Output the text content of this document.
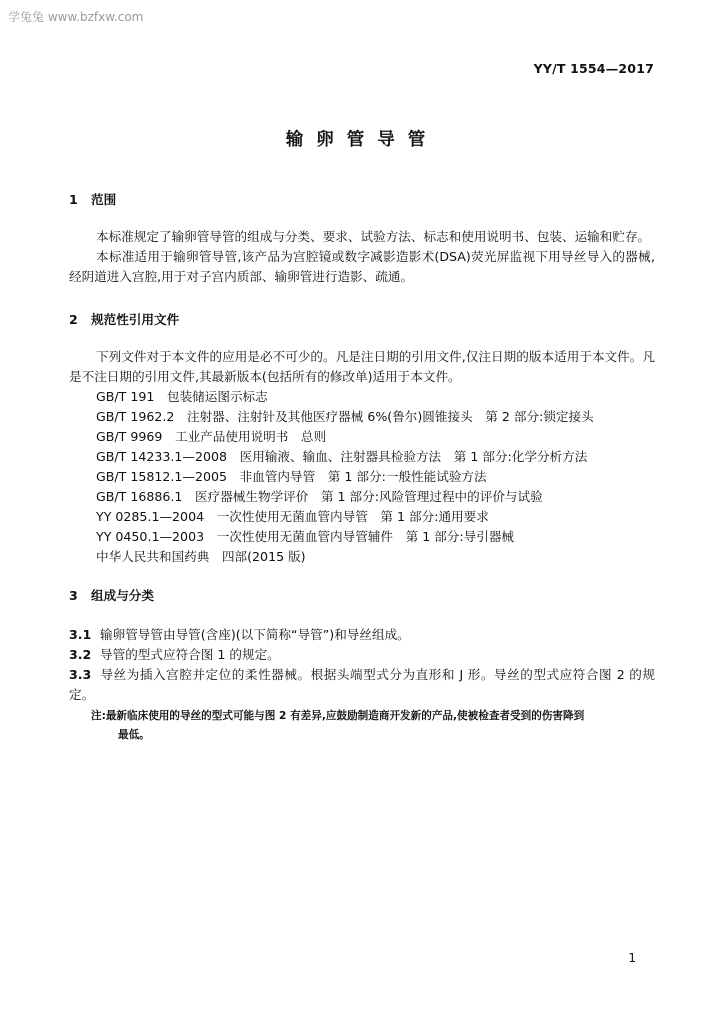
学兔兔 www.bzfxw.com
YY/T 1554—2017
输卵管导管

1 范围

本标准规定了输卵管导管的组成与分类、要求、试验方法、标志和使用说明书、包装、运输和贮存。

本标准适用于输卵管导管,该产品为宫腔镜或数字减影造影术(DSA)荧光屏监视下用导丝导入的器械,经阴道进入宫腔,用于对子宫内质部、输卵管进行造影、疏通。

2 规范性引用文件

下列文件对于本文件的应用是必不可少的。凡是注日期的引用文件,仅注日期的版本适用于本文件。凡是不注日期的引用文件,其最新版本(包括所有的修改单)适用于本文件。

GB/T 191　包装储运图示标志
GB/T 1962.2　注射器、注射针及其他医疗器械 6%(鲁尔)圆锥接头　第 2 部分:锁定接头
GB/T 9969　工业产品使用说明书　总则
GB/T 14233.1—2008　医用输液、输血、注射器具检验方法　第 1 部分:化学分析方法
GB/T 15812.1—2005　非血管内导管　第 1 部分:一般性能试验方法
GB/T 16886.1　医疗器械生物学评价　第 1 部分:风险管理过程中的评价与试验
YY 0285.1—2004　一次性使用无菌血管内导管　第 1 部分:通用要求
YY 0450.1—2003　一次性使用无菌血管内导管辅件　第 1 部分:导引器械
中华人民共和国药典　四部(2015 版)

3 组成与分类

3.1 输卵管导管由导管(含座)(以下简称“导管”)和导丝组成。

3.2 导管的型式应符合图 1 的规定。

3.3 导丝为插入宫腔并定位的柔性器械。根据头端型式分为直形和 J 形。导丝的型式应符合图 2 的规定。

注:最新临床使用的导丝的型式可能与图 2 有差异,应鼓励制造商开发新的产品,使被检查者受到的伤害降到
最低。

1
